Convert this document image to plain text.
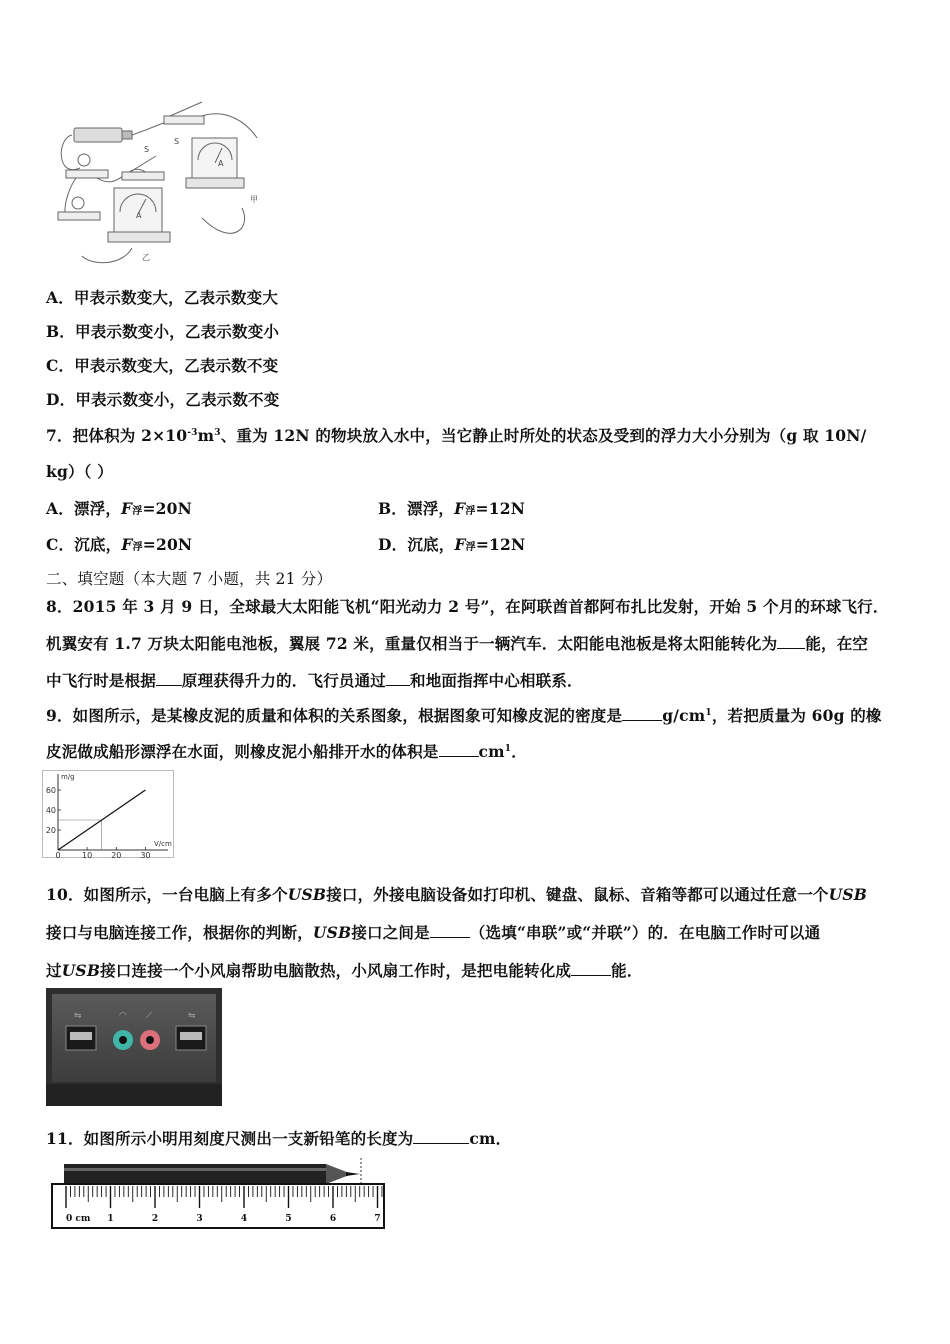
A
A
S
S
甲
乙
A．甲表示数变大，乙表示数变大
B．甲表示数变小，乙表示数变小
C．甲表示数变大，乙表示数不变
D．甲表示数变小，乙表示数不变
7．把体积为 $2\times 10^{-3}m^3$、重为 12N 的物块放入水中，当它静止时所处的状态及受到的浮力大小分别为（g 取 10N/
kg）（ ）
A．漂浮，F浮=20N	B．漂浮，F浮=12N
C．沉底，F浮=20N	D．沉底，F浮=12N
二、填空题（本大题 7 小题，共 21 分）
8．2015 年 3 月 9 日，全球最大太阳能飞机“阳光动力 2 号”，在阿联酋首都阿布扎比发射，开始 5 个月的环球飞行．
机翼安有 1.7 万块太阳能电池板，翼展 72 米，重量仅相当于一辆汽车．太阳能电池板是将太阳能转化为 能，在空
中飞行时是根据 原理获得升力的．飞行员通过 和地面指挥中心相联系．
9．如图所示，是某橡皮泥的质量和体积的关系图象，根据图象可知橡皮泥的密度是	$g/cm^1$，若把质量为 60g 的橡
皮泥做成船形漂浮在水面，则橡皮泥小船排开水的体积是	$cm^1$．
20
40
60
0	10 20 30
m/g
V/cm
10．如图所示，一台电脑上有多个USB接口，外接电脑设备如打印机、键盘、鼠标、音箱等都可以通过任意一个USB
接口与电脑连接工作，根据你的判断，USB接口之间是	（选填“串联”或“并联”）的．在电脑工作时可以通
过USB接口连接一个小风扇帮助电脑散热，小风扇工作时，是把电能转化成	能．
⇋	⇋
◠ ⟋
11．如图所示小明用刻度尺测出一支新铅笔的长度为	cm．
0 cm 1	2	3	4	5	6	7
